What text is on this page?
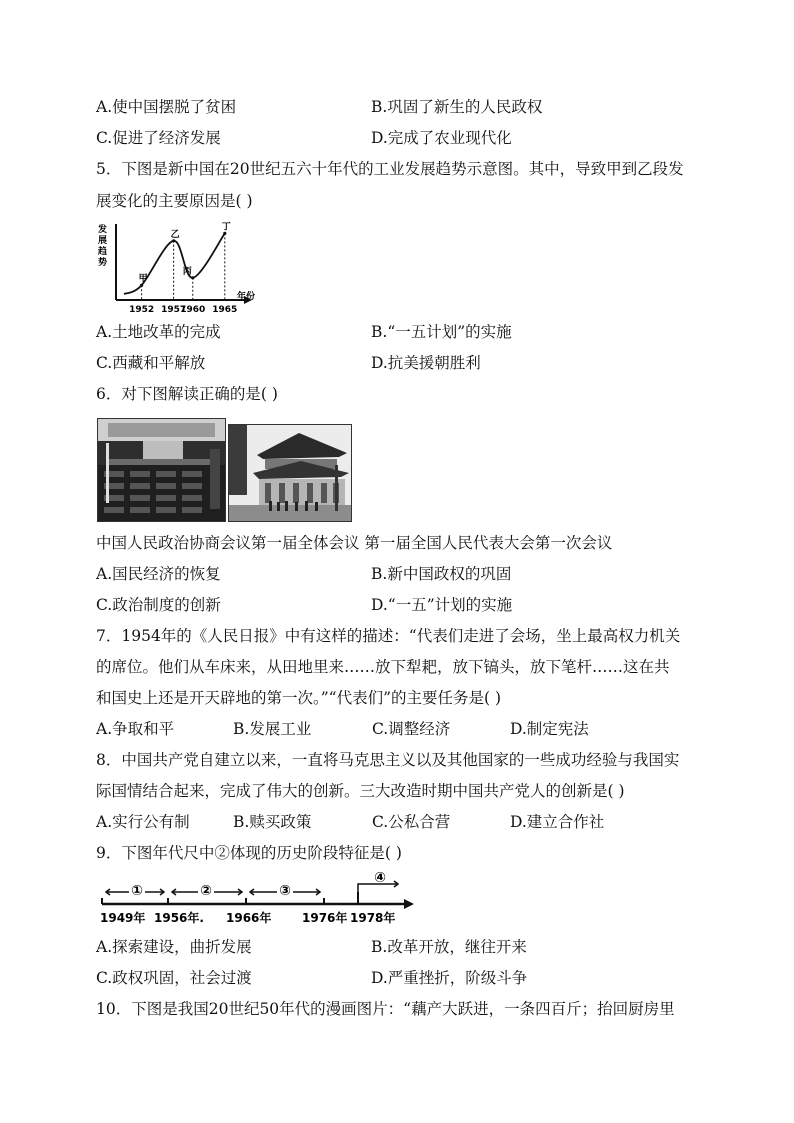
A.使中国摆脱了贫困	B.巩固了新生的人民政权
C.促进了经济发展	D.完成了农业现代化
5．下图是新中国在20世纪五六十年代的工业发展趋势示意图。其中，导致甲到乙段发
展变化的主要原因是( )
发
展
趋
势
年份
甲
1952
乙
1957
丙
1960
丁
1965
A.土地改革的完成	B.“一五计划”的实施
C.西藏和平解放	D.抗美援朝胜利
6．对下图解读正确的是( )
中国人民政治协商会议第一届全体会议 第一届全国人民代表大会第一次会议
A.国民经济的恢复	B.新中国政权的巩固
C.政治制度的创新	D.“一五”计划的实施
7．1954年的《人民日报》中有这样的描述：“代表们走进了会场，坐上最高权力机关
的席位。他们从车床来，从田地里来……放下犁耙，放下镐头，放下笔杆……这在共
和国史上还是开天辟地的第一次。”“代表们”的主要任务是( )
A.争取和平	B.发展工业	C.调整经济	D.制定宪法
8．中国共产党自建立以来，一直将马克思主义以及其他国家的一些成功经验与我国实
际国情结合起来，完成了伟大的创新。三大改造时期中国共产党人的创新是( )
A.实行公有制	B.赎买政策	C.公私合营	D.建立合作社
9．下图年代尺中②体现的历史阶段特征是( )
①	②	③
④
1949年 1956年. 1966年	1976年 1978年
A.探索建设，曲折发展	B.改革开放，继往开来
C.政权巩固，社会过渡	D.严重挫折，阶级斗争
10．下图是我国20世纪50年代的漫画图片：“藕产大跃进，一条四百斤；抬回厨房里
